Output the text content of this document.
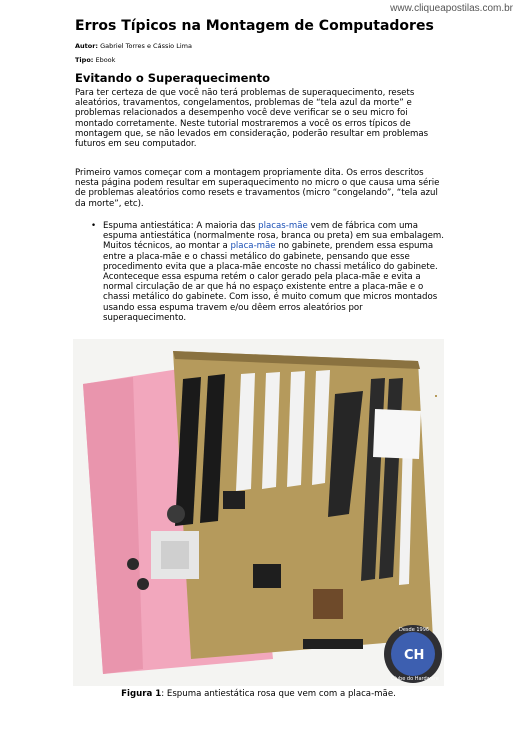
www.cliqueapostilas.com.br
Erros Típicos na Montagem de Computadores
Autor: Gabriel Torres e Cássio Lima
Tipo: Ebook
Evitando o Superaquecimento

Para ter certeza de que você não terá problemas de superaquecimento, resets aleatórios, travamentos, congelamentos, problemas de “tela azul da morte” e problemas relacionados a desempenho você deve verificar se o seu micro foi montado corretamente. Neste tutorial mostraremos a você os erros típicos de montagem que, se não levados em consideração, poderão resultar em problemas futuros em seu computador.

Primeiro vamos começar com a montagem propriamente dita. Os erros descritos nesta página podem resultar em superaquecimento no micro o que causa uma série de problemas aleatórios como resets e travamentos (micro “congelando”, “tela azul da morte”, etc).

• Espuma antiestática: A maioria das placas-mãe vem de fábrica com uma espuma antiestática (normalmente rosa, branca ou preta) em sua embalagem. Muitos técnicos, ao montar a placa-mãe no gabinete, prendem essa espuma entre a placa-mãe e o chassi metálico do gabinete, pensando que esse procedimento evita que a placa-mãe encoste no chassi metálico do gabinete. Aconteceque essa espuma retém o calor gerado pela placa-mãe e evita a normal circulação de ar que há no espaço existente entre a placa-mãe e o chassi metálico do gabinete. Com isso, é muito comum que micros montados usando essa espuma travem e/ou dêem erros aleatórios por superaquecimento.
CH
Desde 1996
Clube do Hardware

Figura 1: Espuma antiestática rosa que vem com a placa-mãe.
